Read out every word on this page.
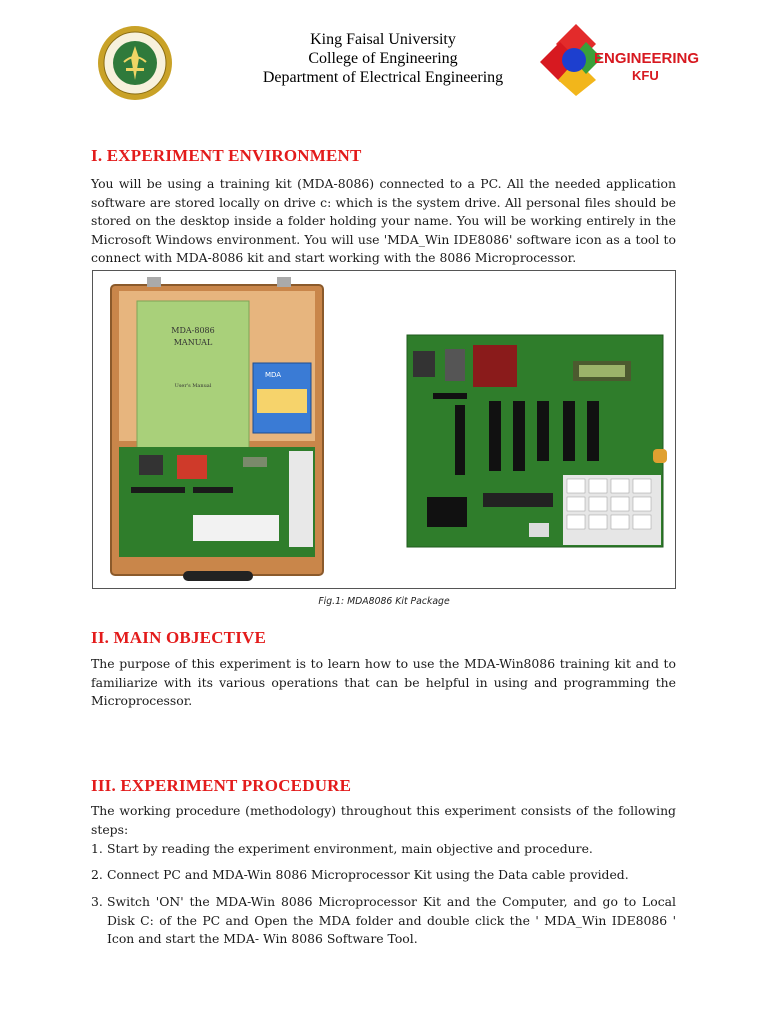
King Faisal University
College of Engineering
Department of Electrical Engineering
ENGINEERING
KFU
I. EXPERIMENT ENVIRONMENT
You will be using a training kit (MDA-8086) connected to a PC. All the needed application software are stored locally on drive c: which is the system drive. All personal files should be stored on the desktop inside a folder holding your name. You will be working entirely in the Microsoft Windows environment. You will use 'MDA_Win IDE8086' software icon as a tool to connect with MDA-8086 kit and start working with the 8086 Microprocessor.
MDA-8086
MANUAL
User's Manual
MDA
Fig.1: MDA8086 Kit Package
II. MAIN OBJECTIVE
The purpose of this experiment is to learn how to use the MDA-Win8086 training kit and to familiarize with its various operations that can be helpful in using and programming the Microprocessor.
III. EXPERIMENT PROCEDURE
The working procedure (methodology) throughout this experiment consists of the following steps:
1. Start by reading the experiment environment, main objective and procedure.
2. Connect PC and MDA-Win 8086 Microprocessor Kit using the Data cable provided.
3. Switch 'ON' the MDA-Win 8086 Microprocessor Kit and the Computer, and go to Local Disk C: of the PC and Open the MDA folder and double click the ' MDA_Win IDE8086 ' Icon and start the MDA- Win 8086 Software Tool.
